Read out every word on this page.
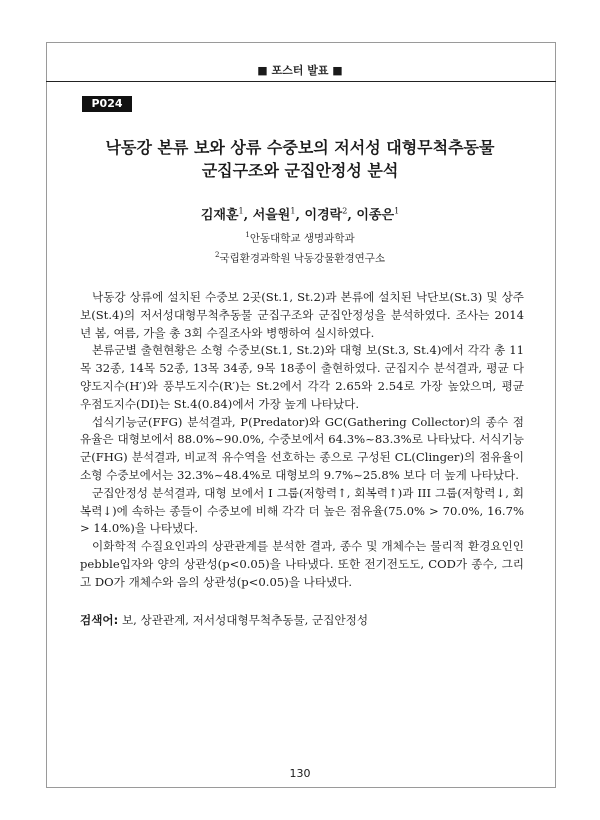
■ 포스터 발표 ■
P024
낙동강 본류 보와 상류 수중보의 저서성 대형무척추동물
군집구조와 군집안정성 분석
김재훈$^1$, 서을원$^1$, 이경락$^2$, 이종은$^1$
$^1$안동대학교 생명과학과
$^2$국립환경과학원 낙동강물환경연구소

낙동강 상류에 설치된 수중보 2곳(St.1, St.2)과 본류에 설치된 낙단보(St.3) 및 상주보(St.4)의 저서성대형무척추동물 군집구조와 군집안정성을 분석하였다. 조사는 2014년 봄, 여름, 가을 총 3회 수질조사와 병행하여 실시하였다.

본류군별 출현현황은 소형 수중보(St.1, St.2)와 대형 보(St.3, St.4)에서 각각 총 11목 32종, 14목 52종, 13목 34종, 9목 18종이 출현하였다. 군집지수 분석결과, 평균 다양도지수(H′)와 풍부도지수(R′)는 St.2에서 각각 2.65와 2.54로 가장 높았으며, 평균 우점도지수(DI)는 St.4(0.84)에서 가장 높게 나타났다.

섭식기능군(FFG) 분석결과, P(Predator)와 GC(Gathering Collector)의 종수 점유율은 대형보에서 88.0%~90.0%, 수중보에서 64.3%~83.3%로 나타났다. 서식기능군(FHG) 분석결과, 비교적 유수역을 선호하는 종으로 구성된 CL(Clinger)의 점유율이 소형 수중보에서는 32.3%~48.4%로 대형보의 9.7%~25.8% 보다 더 높게 나타났다.

군집안정성 분석결과, 대형 보에서 I 그룹(저항력↑, 회복력↑)과 III 그룹(저항력↓, 회복력↓)에 속하는 종들이 수중보에 비해 각각 더 높은 점유율(75.0% > 70.0%, 16.7% > 14.0%)을 나타냈다.

이화학적 수질요인과의 상관관계를 분석한 결과, 종수 및 개체수는 물리적 환경요인인 pebble입자와 양의 상관성(p<0.05)을 나타냈다. 또한 전기전도도, COD가 종수, 그리고 DO가 개체수와 음의 상관성(p<0.05)을 나타냈다.

검색어: 보, 상관관계, 저서성대형무척추동물, 군집안정성
130
